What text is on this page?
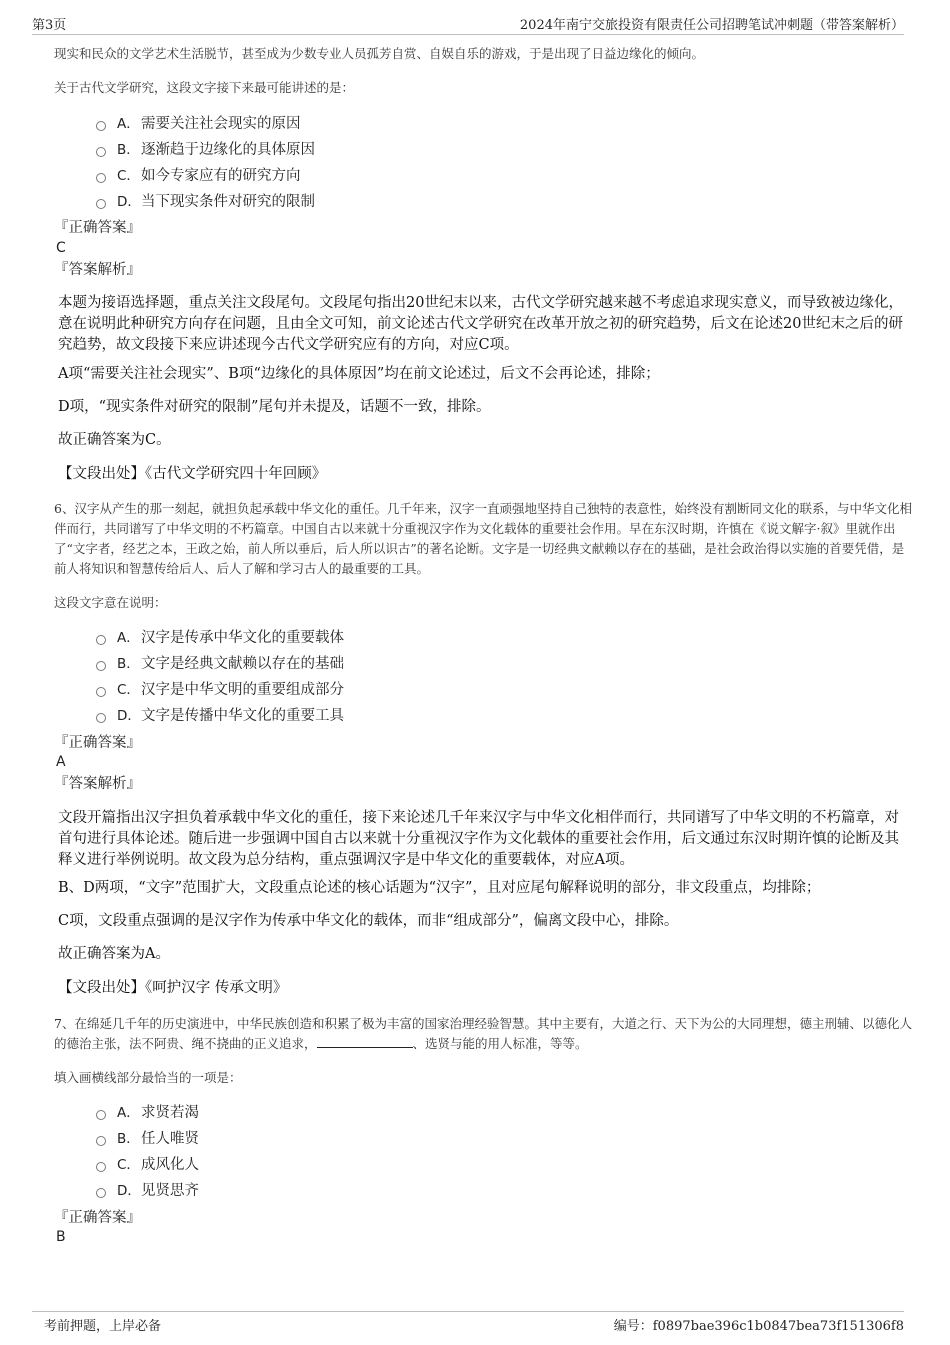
第3页	2024年南宁交旅投资有限责任公司招聘笔试冲刺题（带答案解析）
现实和民众的文学艺术生活脱节，甚至成为少数专业人员孤芳自赏、自娱自乐的游戏，于是出现了日益边缘化的倾向。
关于古代文学研究，这段文字接下来最可能讲述的是：
A． 需要关注社会现实的原因
B． 逐渐趋于边缘化的具体原因
C． 如今专家应有的研究方向
D． 当下现实条件对研究的限制
『正确答案』
C
『答案解析』
本题为接语选择题，重点关注文段尾句。文段尾句指出20世纪末以来，古代文学研究越来越不考虑追求现实意义，而导致被边缘化，意在说明此种研究方向存在问题，且由全文可知，前文论述古代文学研究在改革开放之初的研究趋势，后文在论述20世纪末之后的研究趋势，故文段接下来应讲述现今古代文学研究应有的方向，对应C项。
A项“需要关注社会现实”、B项“边缘化的具体原因”均在前文论述过，后文不会再论述，排除；
D项，“现实条件对研究的限制”尾句并未提及，话题不一致，排除。
故正确答案为C。
【文段出处】《古代文学研究四十年回顾》
6、汉字从产生的那一刻起，就担负起承载中华文化的重任。几千年来，汉字一直顽强地坚持自己独特的表意性，始终没有割断同文化的联系，与中华文化相伴而行，共同谱写了中华文明的不朽篇章。中国自古以来就十分重视汉字作为文化载体的重要社会作用。早在东汉时期，许慎在《说文解字·叙》里就作出了“文字者，经艺之本，王政之始，前人所以垂后，后人所以识古”的著名论断。文字是一切经典文献赖以存在的基础，是社会政治得以实施的首要凭借，是前人将知识和智慧传给后人、后人了解和学习古人的最重要的工具。
这段文字意在说明：
A． 汉字是传承中华文化的重要载体
B． 文字是经典文献赖以存在的基础
C． 汉字是中华文明的重要组成部分
D． 文字是传播中华文化的重要工具
『正确答案』
A
『答案解析』
文段开篇指出汉字担负着承载中华文化的重任，接下来论述几千年来汉字与中华文化相伴而行，共同谱写了中华文明的不朽篇章，对首句进行具体论述。随后进一步强调中国自古以来就十分重视汉字作为文化载体的重要社会作用，后文通过东汉时期许慎的论断及其释义进行举例说明。故文段为总分结构，重点强调汉字是中华文化的重要载体，对应A项。
B、D两项，“文字”范围扩大，文段重点论述的核心话题为“汉字”，且对应尾句解释说明的部分，非文段重点，均排除；
C项，文段重点强调的是汉字作为传承中华文化的载体，而非“组成部分”，偏离文段中心，排除。
故正确答案为A。
【文段出处】《呵护汉字 传承文明》
7、在绵延几千年的历史演进中，中华民族创造和积累了极为丰富的国家治理经验智慧。其中主要有，大道之行、天下为公的大同理想，德主刑辅、以德化人的德治主张，法不阿贵、绳不挠曲的正义追求，	、选贤与能的用人标准，等等。
填入画横线部分最恰当的一项是：
A． 求贤若渴
B． 任人唯贤
C． 成风化人
D． 见贤思齐
『正确答案』
B
考前押题，上岸必备	编号：f0897bae396c1b0847bea73f151306f8
